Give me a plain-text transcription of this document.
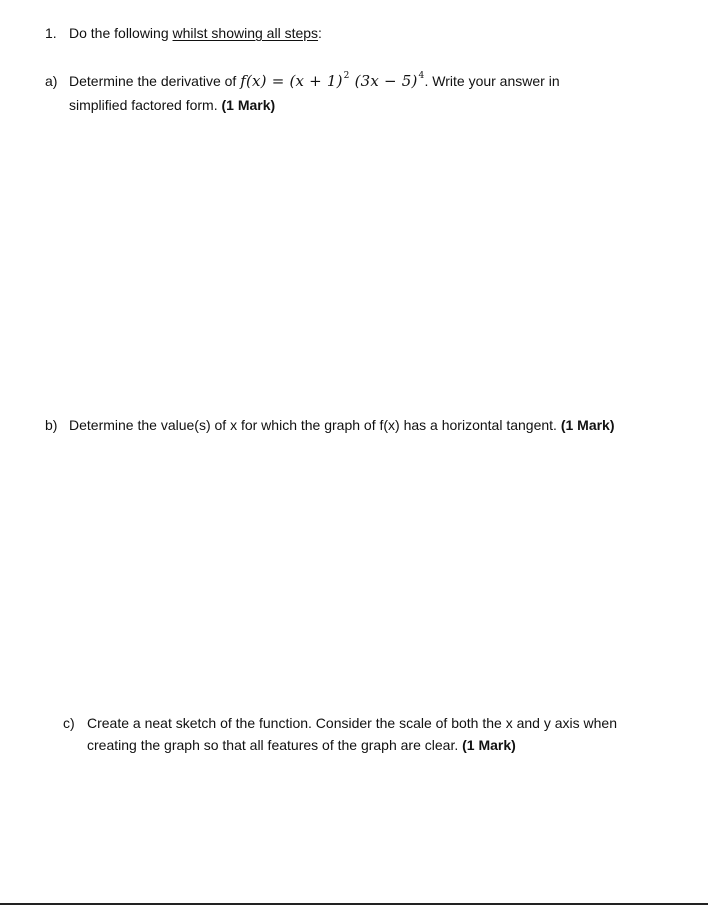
1. Do the following whilst showing all steps:
a) Determine the derivative of $f(x) = (x + 1)^2$ $(3x - 5)^4$. Write your answer in
simplified factored form. (1 Mark)
b) Determine the value(s) of x for which the graph of f(x) has a horizontal tangent. (1 Mark)
c) Create a neat sketch of the function. Consider the scale of both the x and y axis when
creating the graph so that all features of the graph are clear. (1 Mark)
